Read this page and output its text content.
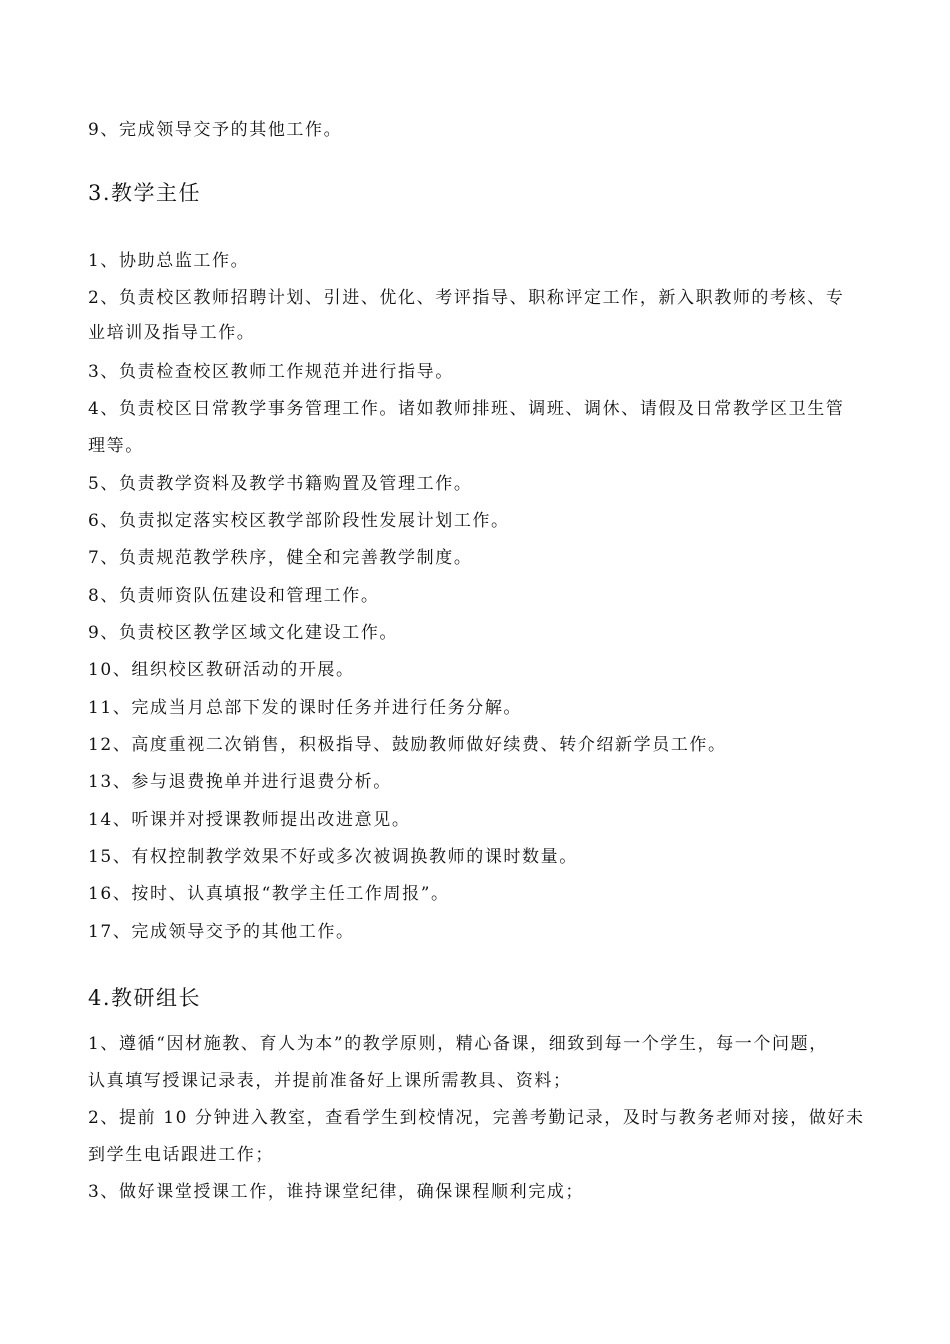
9、完成领导交予的其他工作。
3.教学主任
1、协助总监工作。
2、负责校区教师招聘计划、引进、优化、考评指导、职称评定工作，新入职教师的考核、专
业培训及指导工作。
3、负责检查校区教师工作规范并进行指导。
4、负责校区日常教学事务管理工作。诸如教师排班、调班、调休、请假及日常教学区卫生管
理等。
5、负责教学资料及教学书籍购置及管理工作。
6、负责拟定落实校区教学部阶段性发展计划工作。
7、负责规范教学秩序，健全和完善教学制度。
8、负责师资队伍建设和管理工作。
9、负责校区教学区域文化建设工作。
10、组织校区教研活动的开展。
11、完成当月总部下发的课时任务并进行任务分解。
12、高度重视二次销售，积极指导、鼓励教师做好续费、转介绍新学员工作。
13、参与退费挽单并进行退费分析。
14、听课并对授课教师提出改进意见。
15、有权控制教学效果不好或多次被调换教师的课时数量。
16、按时、认真填报“教学主任工作周报”。
17、完成领导交予的其他工作。
4.教研组长
1、遵循“因材施教、育人为本”的教学原则，精心备课，细致到每一个学生，每一个问题，
认真填写授课记录表，并提前准备好上课所需教具、资料；
2、提前 10 分钟进入教室，查看学生到校情况，完善考勤记录，及时与教务老师对接，做好未
到学生电话跟进工作；
3、做好课堂授课工作，谁持课堂纪律，确保课程顺利完成；
